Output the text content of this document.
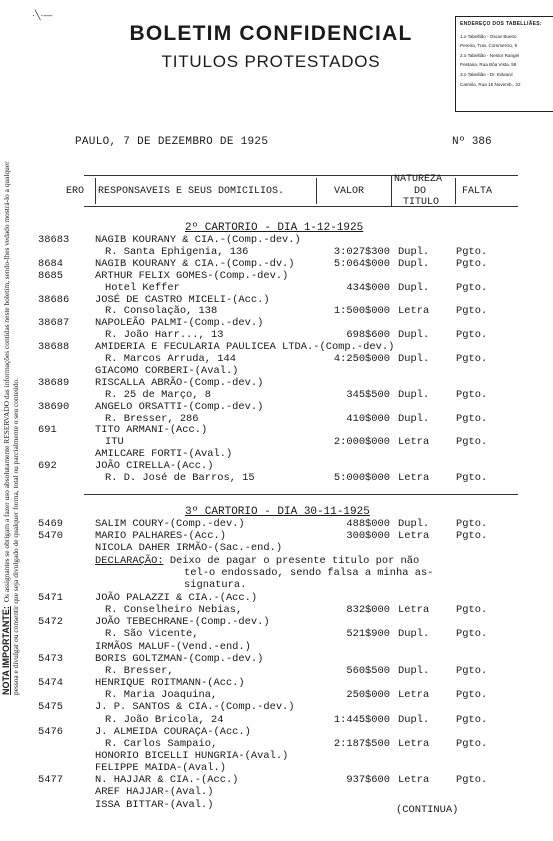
BOLETIM CONFIDENCIAL
TITULOS PROTESTADOS
·╲·—
ENDEREÇO DOS TABELLIÃES:
1.o Tabellião - Oscar Bueno
Pereira, Trav. Commercio, 9
2.o Tabellião - Nestor Rangel
Pestana, Rua Bôa Vista, 58
3.o Tabellião - Dr. Edward
Carmilo, Rua 15 Novemb., 22
NOTA IMPORTANTE:Os assignantes se obrigam a fazer uso absolutamente RESERVADO das informações contidas neste boletim, sendo-lhes vedado mostrá-lo a qualquer pessoa e divulgar ou consentir que seja divulgado de qualquer forma, total ou parcialmente o seu conteúdo.
PAULO, 7 DE DEZEMBRO DE 1925	Nº 386
ERO RESPONSAVEIS E SEUS DOMICILIOS.	VALOR
NATUREZA
DO
TITULO
FALTA
2º CARTORIO - DIA 1-12-1925
38683 NAGIB KOURANY & CIA.-(Comp.-dev.)
R. Santa Ephigenia, 136	3:027$300 Dupl.	Pgto.
8684	NAGIB KOURANY & CIA.-(Comp.-dv.)	5:064$000 Dupl.	Pgto.
8685	ARTHUR FELIX GOMES-(Comp.-dev.)
Hotel Keffer	434$000 Dupl.	Pgto.
38686 JOSÉ DE CASTRO MICELI-(Acc.)
R. Consolação, 138	1:500$000 Letra	Pgto.
38687 NAPOLEÃO PALMI-(Comp.-dev.)
R. João Harr..., 13	698$600 Dupl.	Pgto.
38688 AMIDERIA E FECULARIA PAULICEA LTDA.-(Comp.-dev.)
R. Marcos Arruda, 144	4:250$000 Dupl.	Pgto.
GIACOMO CORBERI-(Aval.)
38689 RISCALLA ABRÃO-(Comp.-dev.)
R. 25 de Março, 8	345$500 Dupl.	Pgto.
38690 ANGELO ORSATTI-(Comp.-dev.)
R. Bresser, 286	410$000 Dupl.	Pgto.
691	TITO ARMANI-(Acc.)
ITU	2:000$000 Letra	Pgto.
AMILCARE FORTI-(Aval.)
692	JOÃO CIRELLA-(Acc.)
R. D. José de Barros, 15	5:000$000 Letra	Pgto.
3º CARTORIO - DIA 30-11-1925
5469	SALIM COURY-(Comp.-dev.)	488$000 Dupl.	Pgto.
5470	MARIO PALHARES-(Acc.)	300$000 Letra	Pgto.
NICOLA DAHER IRMÃO-(Sac.-end.)
DECLARAÇÃO: Deixo de pagar o presente titulo por não
tel-o endossado, sendo falsa a minha as-
signatura.
5471	JOÃO PALAZZI & CIA.-(Acc.)
R. Conselheiro Nebias,	832$000 Letra	Pgto.
5472	JOÃO TEBECHRANE-(Comp.-dev.)
R. São Vicente,	521$900 Dupl.	Pgto.
IRMÃOS MALUF-(Vend.-end.)
5473	BORIS GOLTZMAN-(Comp.-dev.)
R. Bresser,	560$500 Dupl.	Pgto.
5474	HENRIQUE ROITMANN-(Acc.)
R. Maria Joaquina,	250$000 Letra	Pgto.
5475	J. P. SANTOS & CIA.-(Comp.-dev.)
R. João Bricola, 24	1:445$000 Dupl.	Pgto.
5476	J. ALMEIDA COURAÇA-(Acc.)
R. Carlos Sampaio,	2:187$500 Letra	Pgto.
HONORIO BICELLI HUNGRIA-(Aval.)
FELIPPE MAIDA-(Aval.)
5477	N. HAJJAR & CIA.-(Acc.)	937$600 Letra	Pgto.
AREF HAJJAR-(Aval.)
ISSA BITTAR-(Aval.)	(CONTINUA)
